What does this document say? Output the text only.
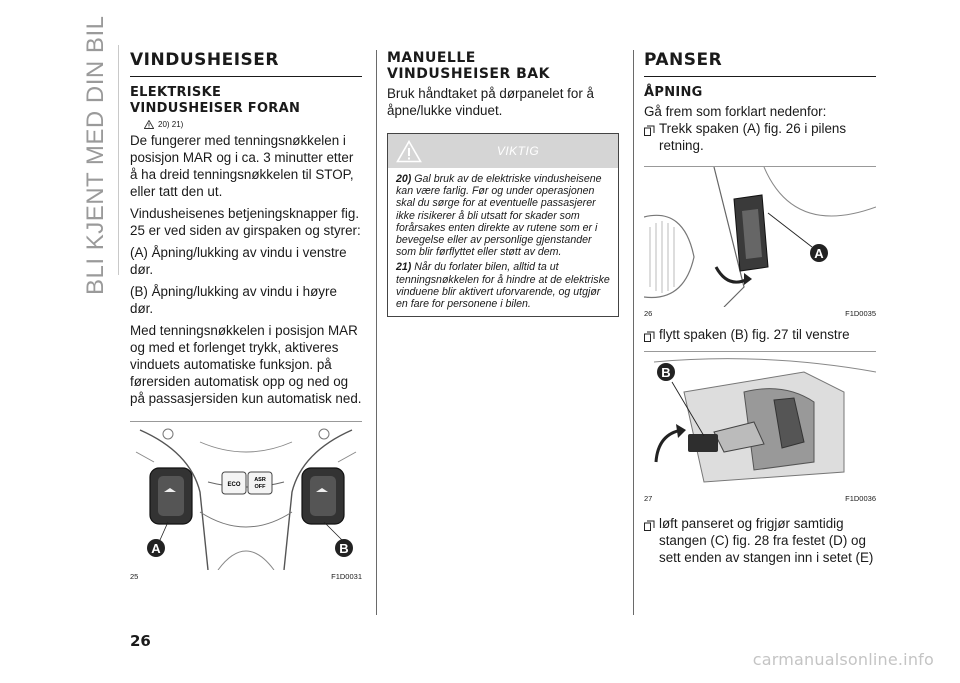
BLI KJENT MED DIN BIL VINDUSHEISER
ELEKTRISKE
VINDUSHEISER FORAN
20) 21)
De fungerer med tenningsnøkkelen i posisjon MAR og i ca. 3 minutter etter å ha dreid tenningsnøkkelen til STOP, eller tatt den ut.
Vindusheisenes betjeningsknapper fig. 25 er ved siden av girspaken og styrer:
(A) Åpning/lukking av vindu i venstre dør.
(B) Åpning/lukking av vindu i høyre dør.
Med tenningsnøkkelen i posisjon MAR og med et forlenget trykk, aktiveres vinduets automatiske funksjon. på førersiden automatisk opp og ned og på passasjersiden kun automatisk ned.
ECO
ASR
OFF
A	B
25	F1D0031
MANUELLE
VINDUSHEISER BAK
Bruk håndtaket på dørpanelet for å åpne/lukke vinduet.
VIKTIG

20) Gal bruk av de elektriske vindusheisene kan være farlig. Før og under operasjonen skal du sørge for at eventuelle passasjerer ikke risikerer å bli utsatt for skader som forårsakes enten direkte av rutene som er i bevegelse eller av personlige gjenstander som blir førflyttet eller støtt av dem.

21) Når du forlater bilen, alltid ta ut tenningsnøkkelen for å hindre at de elektriske vinduene blir aktivert uforvarende, og utgjør en fare for personene i bilen.

PANSER
ÅPNING
Gå frem som forklart nedenfor:
Trekk spaken (A) fig. 26 i pilens retning.
A
26	F1D0035
flytt spaken (B) fig. 27 til venstre
B
27	F1D0036
løft panseret og frigjør samtidig stangen (C) fig. 28 fra festet (D) og sett enden av stangen inn i setet (E)
26
carmanualsonline.info
